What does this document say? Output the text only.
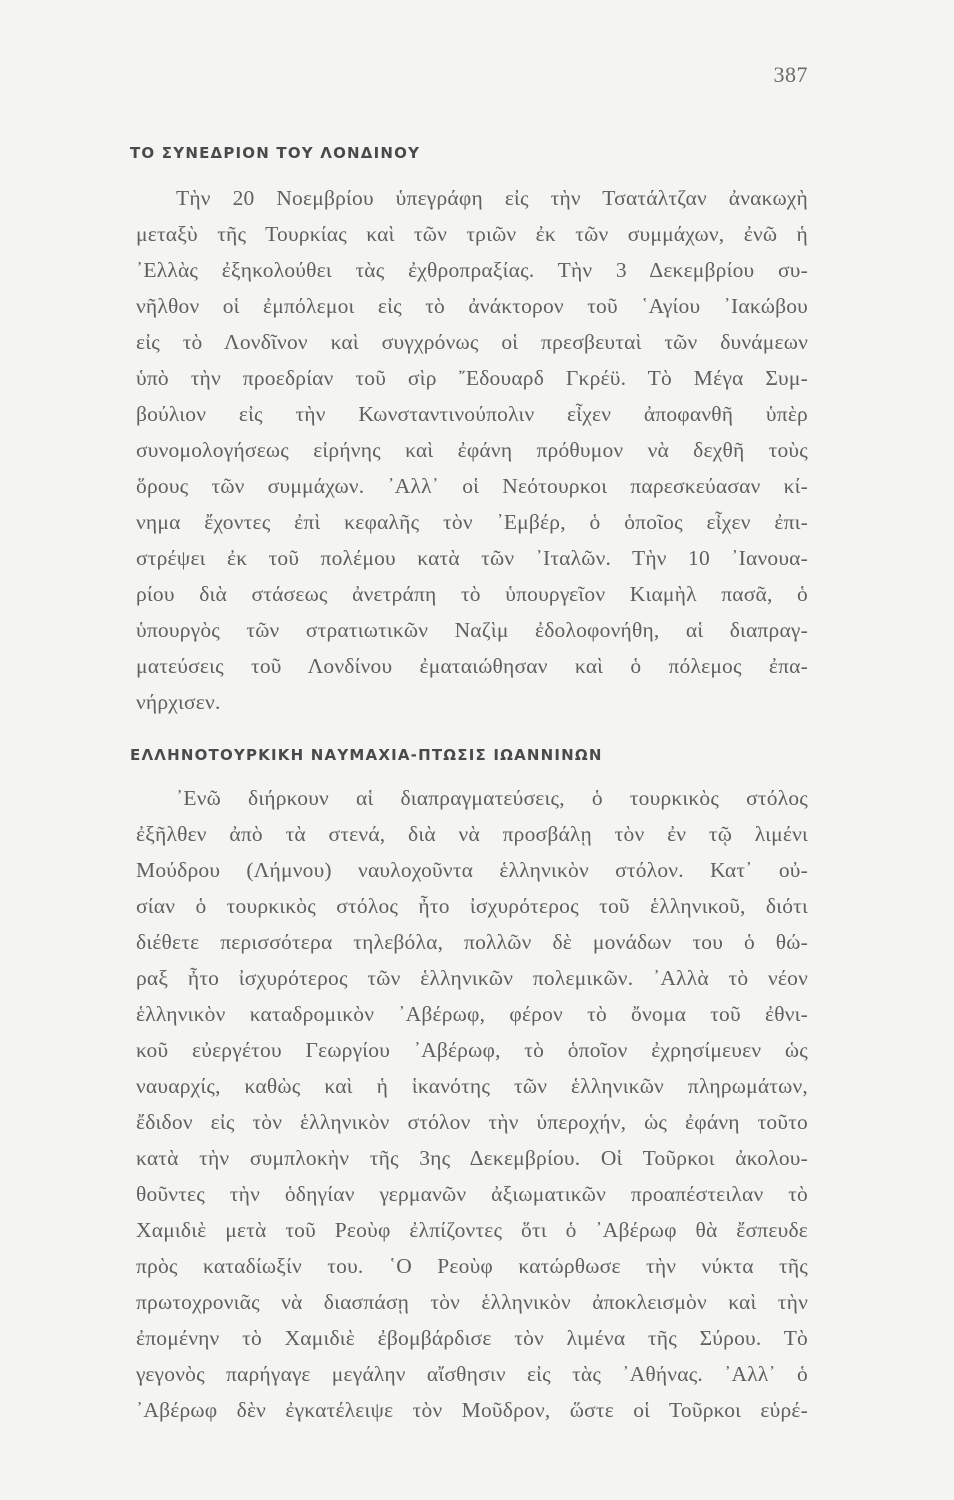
387
ΤΟ ΣΥΝΕΔΡΙΟΝ ΤΟΥ ΛΟΝΔΙΝΟΥ
Τὴν 20 Νοεμβρίου ὑπεγράφη εἰς τὴν Τσατάλτζαν ἀνακωχὴ
μεταξὺ τῆς Τουρκίας καὶ τῶν τριῶν ἐκ τῶν συμμάχων, ἐνῶ ἡ
᾿Ελλὰς ἐξηκολούθει τὰς ἐχθροπραξίας. Τὴν 3 Δεκεμβρίου συ-
νῆλθον οἱ ἐμπόλεμοι εἰς τὸ ἀνάκτορον τοῦ ῾Αγίου ᾿Ιακώβου
εἰς τὸ Λονδῖνον καὶ συγχρόνως οἱ πρεσβευταὶ τῶν δυνάμεων
ὑπὸ τὴν προεδρίαν τοῦ σὶρ ῎Εδουαρδ Γκρέϋ. Τὸ Μέγα Συμ-
βούλιον εἰς τὴν Κωνσταντινούπολιν εἶχεν ἀποφανθῆ ὑπὲρ
συνομολογήσεως εἰρήνης καὶ ἐφάνη πρόθυμον νὰ δεχθῆ τοὺς
ὅρους τῶν συμμάχων. ᾿Αλλ᾿ οἱ Νεότουρκοι παρεσκεύασαν κί-
νημα ἔχοντες ἐπὶ κεφαλῆς τὸν ᾿Εμβέρ, ὁ ὁποῖος εἶχεν ἐπι-
στρέψει ἐκ τοῦ πολέμου κατὰ τῶν ᾿Ιταλῶν. Τὴν 10 ᾿Ιανουα-
ρίου διὰ στάσεως ἀνετράπη τὸ ὑπουργεῖον Κιαμὴλ πασᾶ, ὁ
ὑπουργὸς τῶν στρατιωτικῶν Ναζὶμ ἐδολοφονήθη, αἱ διαπραγ-
ματεύσεις τοῦ Λονδίνου ἐματαιώθησαν καὶ ὁ πόλεμος ἐπα-
νήρχισεν.
ΕΛΛΗΝΟΤΟΥΡΚΙΚΗ ΝΑΥΜΑΧΙΑ-ΠΤΩΣΙΣ ΙΩΑΝΝΙΝΩΝ
᾿Ενῶ διήρκουν αἱ διαπραγματεύσεις, ὁ τουρκικὸς στόλος
ἐξῆλθεν ἀπὸ τὰ στενά, διὰ νὰ προσβάλῃ τὸν ἐν τῷ λιμένι
Μούδρου (Λήμνου) ναυλοχοῦντα ἑλληνικὸν στόλον. Κατ᾿ οὐ-
σίαν ὁ τουρκικὸς στόλος ἦτο ἰσχυρότερος τοῦ ἑλληνικοῦ, διότι
διέθετε περισσότερα τηλεβόλα, πολλῶν δὲ μονάδων του ὁ θώ-
ραξ ἦτο ἰσχυρότερος τῶν ἑλληνικῶν πολεμικῶν. ᾿Αλλὰ τὸ νέον
ἑλληνικὸν καταδρομικὸν ᾿Αβέρωφ, φέρον τὸ ὄνομα τοῦ ἐθνι-
κοῦ εὐεργέτου Γεωργίου ᾿Αβέρωφ, τὸ ὁποῖον ἐχρησίμευεν ὡς
ναυαρχίς, καθὼς καὶ ἡ ἱκανότης τῶν ἑλληνικῶν πληρωμάτων,
ἔδιδον εἰς τὸν ἑλληνικὸν στόλον τὴν ὑπεροχήν, ὡς ἐφάνη τοῦτο
κατὰ τὴν συμπλοκὴν τῆς 3ης Δεκεμβρίου. Οἱ Τοῦρκοι ἀκολου-
θοῦντες τὴν ὁδηγίαν γερμανῶν ἀξιωματικῶν προαπέστειλαν τὸ
Χαμιδιὲ μετὰ τοῦ Ρεοὺφ ἐλπίζοντες ὅτι ὁ ᾿Αβέρωφ θὰ ἔσπευδε
πρὸς καταδίωξίν του. ῾Ο Ρεοὺφ κατώρθωσε τὴν νύκτα τῆς
πρωτοχρονιᾶς νὰ διασπάσῃ τὸν ἑλληνικὸν ἀποκλεισμὸν καὶ τὴν
ἐπομένην τὸ Χαμιδιὲ ἐβομβάρδισε τὸν λιμένα τῆς Σύρου. Τὸ
γεγονὸς παρήγαγε μεγάλην αἴσθησιν εἰς τὰς ᾿Αθήνας. ᾿Αλλ᾿ ὁ
᾿Αβέρωφ δὲν ἐγκατέλειψε τὸν Μοῦδρον, ὥστε οἱ Τοῦρκοι εὑρέ-
